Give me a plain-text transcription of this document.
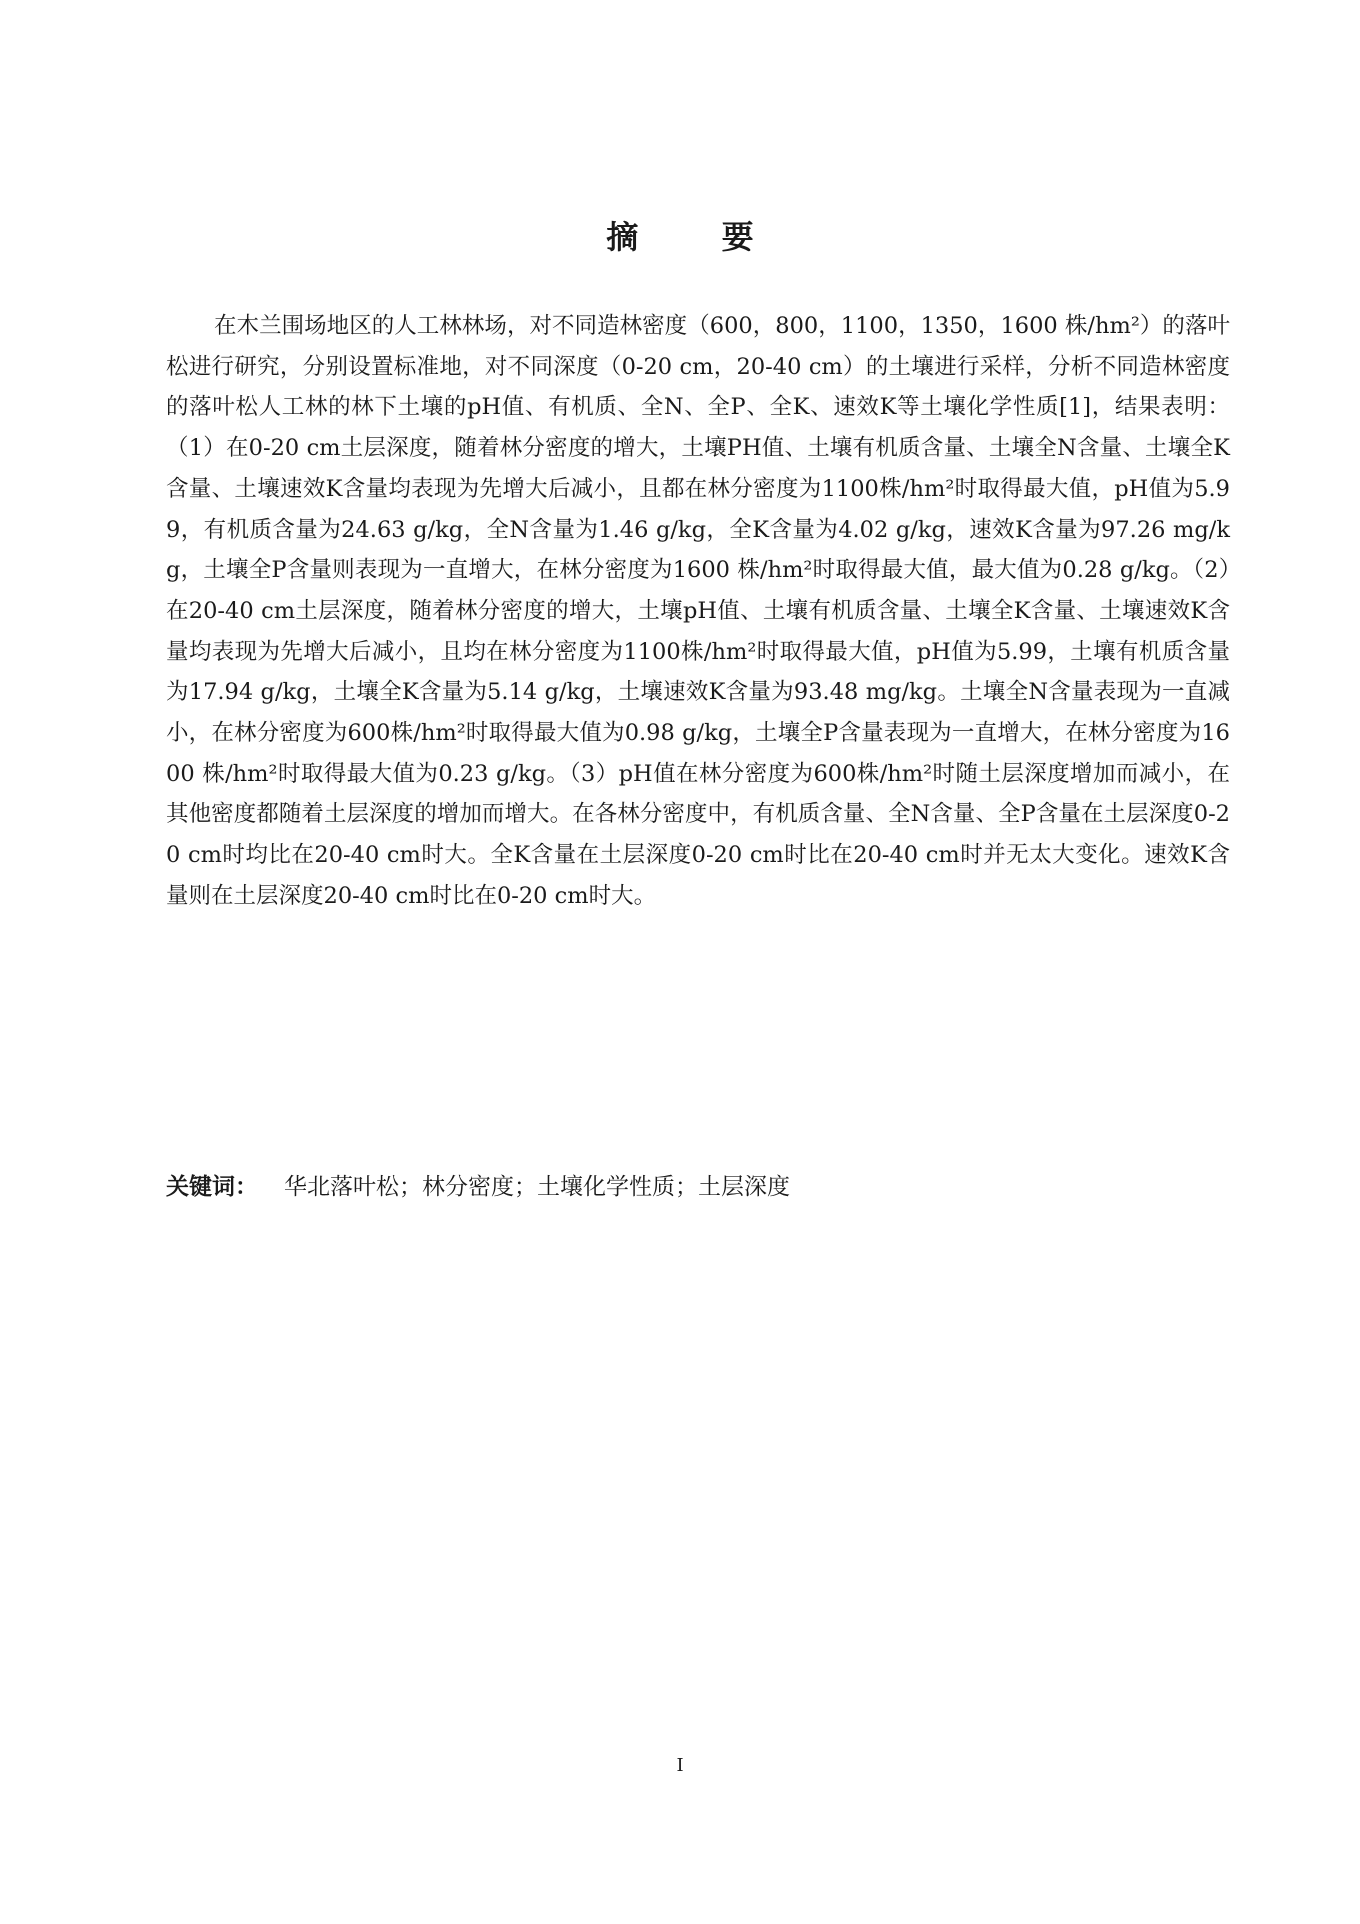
摘 要

在木兰围场地区的人工林林场，对不同造林密度（600，800，1100，1350，1600 株/hm²）的落叶松进行研究，分别设置标准地，对不同深度（0-20 cm，20-40 cm）的土壤进行采样，分析不同造林密度的落叶松人工林的林下土壤的pH值、有机质、全N、全P、全K、速效K等土壤化学性质[1]，结果表明：（1）在0-20 cm土层深度，随着林分密度的增大，土壤PH值、土壤有机质含量、土壤全N含量、土壤全K含量、土壤速效K含量均表现为先增大后减小，且都在林分密度为1100株/hm²时取得最大值，pH值为5.99，有机质含量为24.63 g/kg，全N含量为1.46 g/kg，全K含量为4.02 g/kg，速效K含量为97.26 mg/kg，土壤全P含量则表现为一直增大，在林分密度为1600 株/hm²时取得最大值，最大值为0.28 g/kg。（2）在20-40 cm土层深度，随着林分密度的增大，土壤pH值、土壤有机质含量、土壤全K含量、土壤速效K含量均表现为先增大后减小，且均在林分密度为1100株/hm²时取得最大值，pH值为5.99，土壤有机质含量为17.94 g/kg，土壤全K含量为5.14 g/kg，土壤速效K含量为93.48 mg/kg。土壤全N含量表现为一直减小，在林分密度为600株/hm²时取得最大值为0.98 g/kg，土壤全P含量表现为一直增大，在林分密度为1600 株/hm²时取得最大值为0.23 g/kg。（3）pH值在林分密度为600株/hm²时随土层深度增加而减小，在其他密度都随着土层深度的增加而增大。在各林分密度中，有机质含量、全N含量、全P含量在土层深度0-20 cm时均比在20-40 cm时大。全K含量在土层深度0-20 cm时比在20-40 cm时并无太大变化。速效K含量则在土层深度20-40 cm时比在0-20 cm时大。

关键词： 华北落叶松；林分密度；土壤化学性质；土层深度
I
